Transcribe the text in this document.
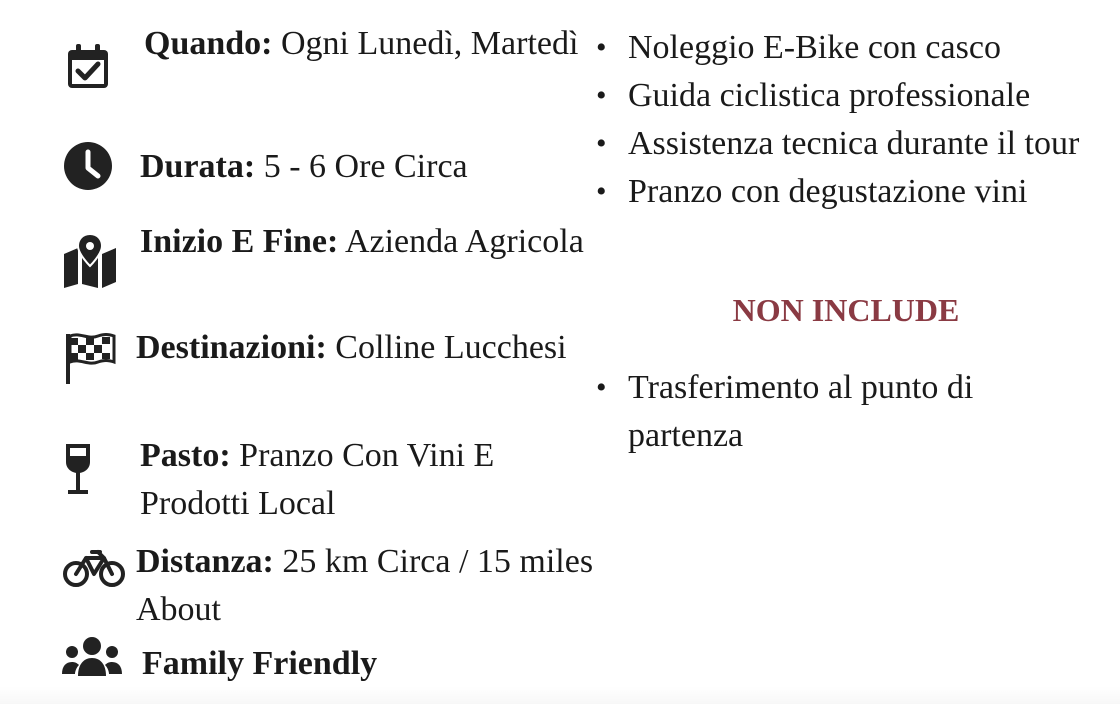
Quando: Ogni Lunedì, Martedì
Durata: 5 - 6 Ore Circa
Inizio E Fine: Azienda Agricola
Destinazioni: Colline Lucchesi
Pasto: Pranzo Con Vini E Prodotti Local
Distanza: 25 km Circa / 15 miles About
Family Friendly
• Noleggio E-Bike con casco
• Guida ciclistica professionale
• Assistenza tecnica durante il tour
• Pranzo con degustazione vini
NON INCLUDE
• Trasferimento al punto di partenza
